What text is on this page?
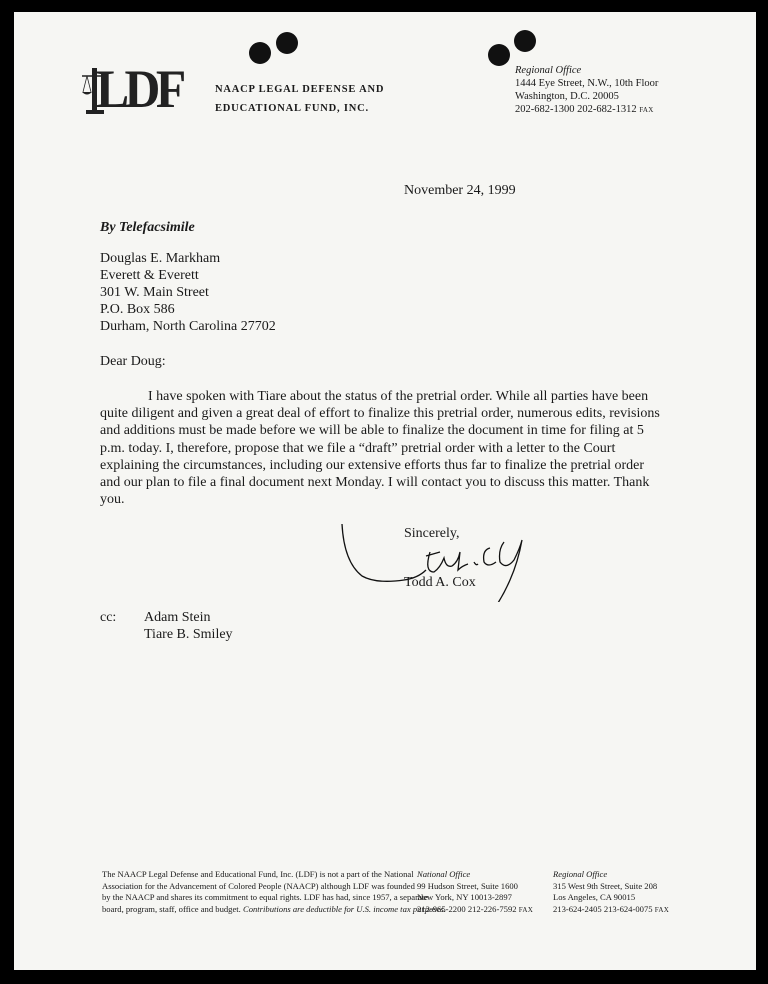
LDF	NAACP LEGAL DEFENSE AND
EDUCATIONAL FUND, INC.
Regional Office
1444 Eye Street, N.W., 10th Floor
Washington, D.C. 20005
202-682-1300 202-682-1312 FAX
November 24, 1999
By Telefacsimile
Douglas E. Markham
Everett & Everett
301 W. Main Street
P.O. Box 586
Durham, North Carolina 27702
Dear Doug:
I have spoken with Tiare about the status of the pretrial order. While all parties have been quite diligent and given a great deal of effort to finalize this pretrial order, numerous edits, revisions and additions must be made before we will be able to finalize the document in time for filing at 5 p.m. today. I, therefore, propose that we file a “draft” pretrial order with a letter to the Court explaining the circumstances, including our extensive efforts thus far to finalize the pretrial order and our plan to file a final document next Monday. I will contact you to discuss this matter. Thank you.
Sincerely,
Todd A. Cox
cc: Adam Stein
Tiare B. Smiley
The NAACP Legal Defense and Educational Fund, Inc. (LDF) is not a part of the National
Association for the Advancement of Colored People (NAACP) although LDF was founded
by the NAACP and shares its commitment to equal rights. LDF has had, since 1957, a separate
board, program, staff, office and budget. Contributions are deductible for U.S. income tax purposes.
National Office
99 Hudson Street, Suite 1600
New York, NY 10013-2897
212-965-2200 212-226-7592 FAX
Regional Office
315 West 9th Street, Suite 208
Los Angeles, CA 90015
213-624-2405 213-624-0075 FAX
